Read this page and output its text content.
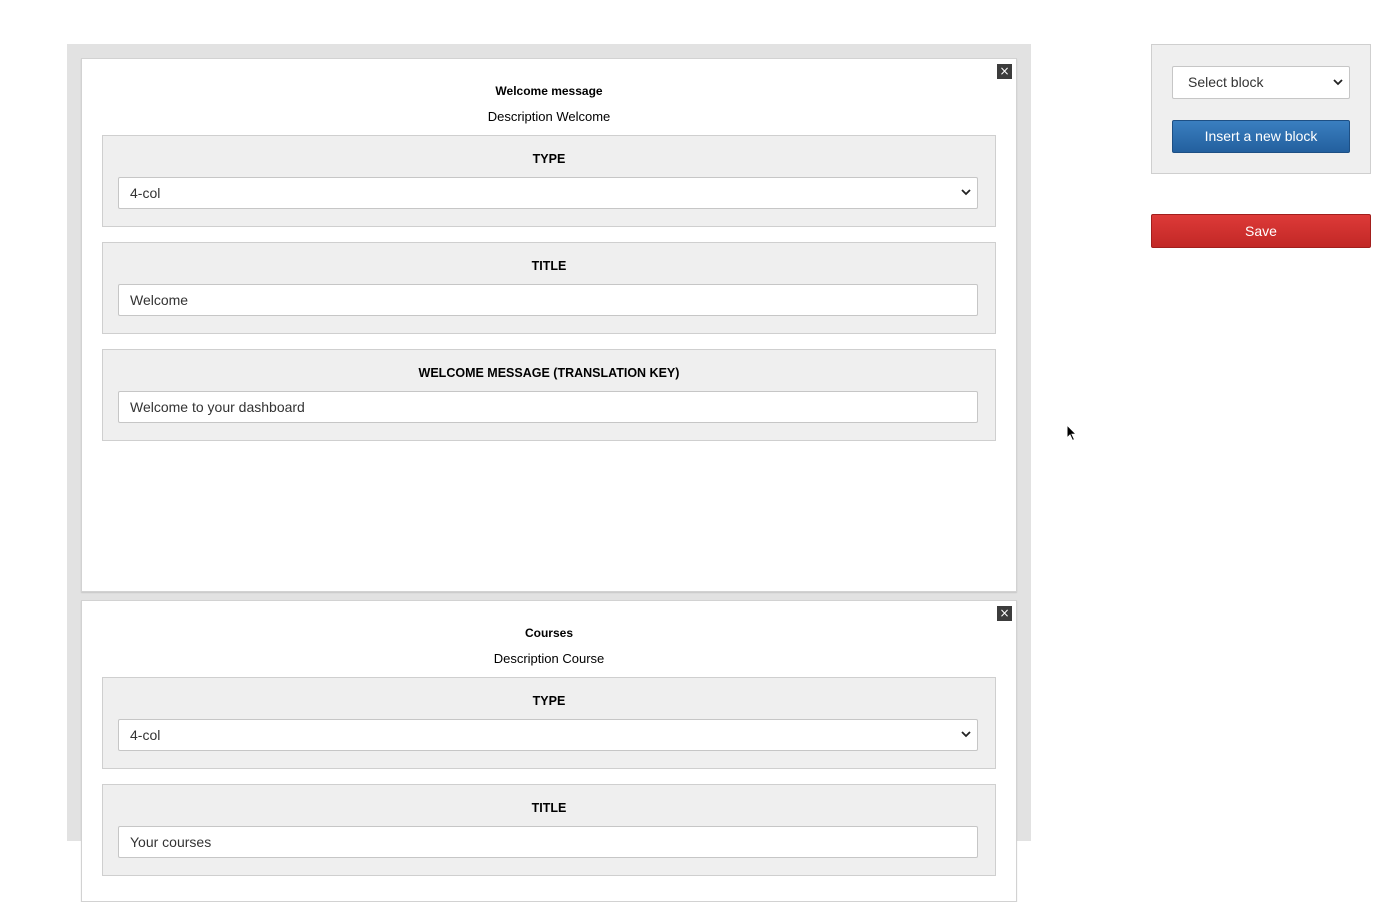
×
Welcome message
Description Welcome
TYPE
4-col
TITLE
Welcome
WELCOME MESSAGE (TRANSLATION KEY)
Welcome to your dashboard
×
Courses
Description Course
TYPE
4-col
TITLE
Your courses
Select block
Insert a new block
Save
